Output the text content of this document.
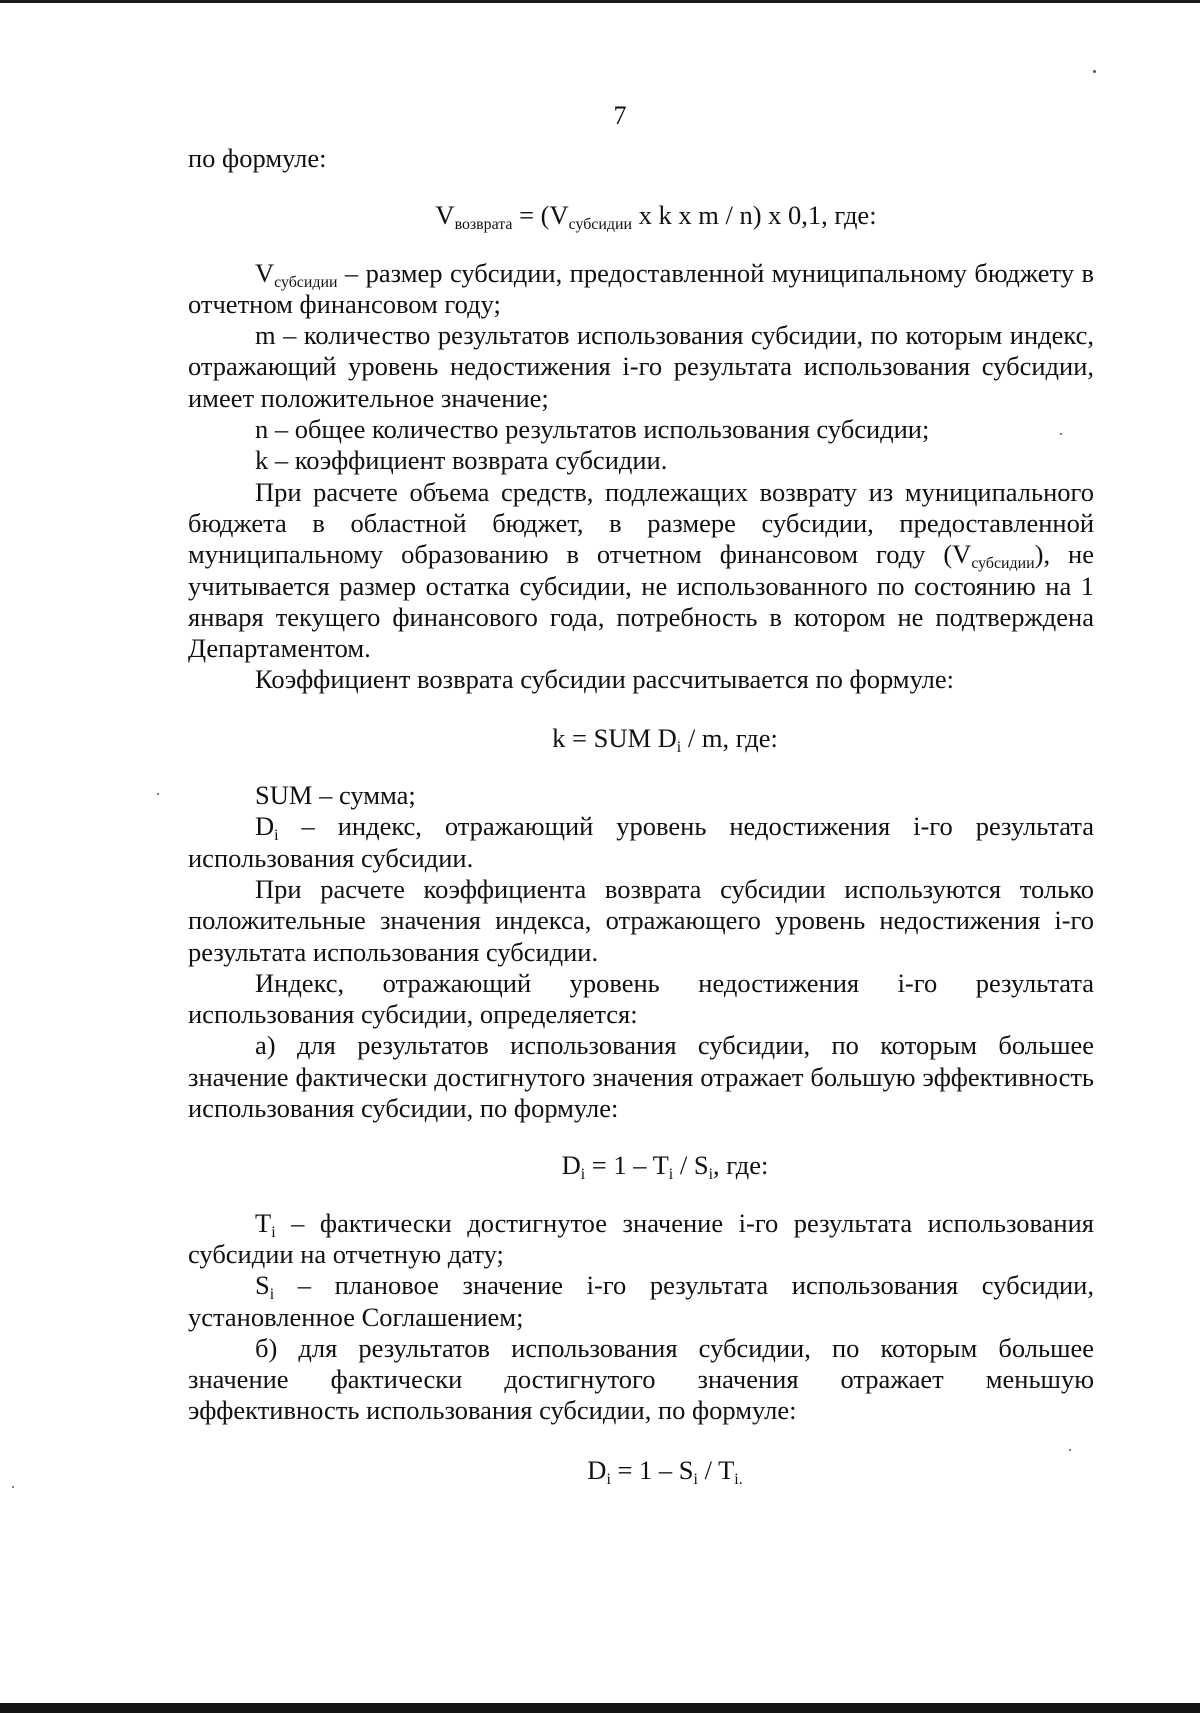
7

по формуле:

$V_{возврата} = (V_{субсидии}$ x k x m / n) x 0,1, где:

$V_{субсидии}$ – размер субсидии, предоставленной муниципальному бюджету в отчетном финансовом году;

m – количество результатов использования субсидии, по которым индекс, отражающий уровень недостижения i-го результата использования субсидии, имеет положительное значение;

n – общее количество результатов использования субсидии;

k – коэффициент возврата субсидии.

При расчете объема средств, подлежащих возврату из муниципального бюджета в областной бюджет, в размере субсидии, предоставленной муниципальному образованию в отчетном финансовом году $(V_{субсидии})$, не учитывается размер остатка субсидии, не использованного по состоянию на 1 января текущего финансового года, потребность в котором не подтверждена Департаментом.

Коэффициент возврата субсидии рассчитывается по формуле:

k = SUM $D_i$ / m, где:

SUM – сумма;

$D_i$ – индекс, отражающий уровень недостижения i-го результата использования субсидии.

При расчете коэффициента возврата субсидии используются только положительные значения индекса, отражающего уровень недостижения i-го результата использования субсидии.

Индекс, отражающий уровень недостижения i-го результата использования субсидии, определяется:

а) для результатов использования субсидии, по которым большее значение фактически достигнутого значения отражает большую эффективность использования субсидии, по формуле:

$D_i = 1 - T_i / S_i$, где:

$T_i$ – фактически достигнутое значение i-го результата использования субсидии на отчетную дату;

$S_i$ – плановое значение i-го результата использования субсидии, установленное Соглашением;

б) для результатов использования субсидии, по которым большее значение фактически достигнутого значения отражает меньшую эффективность использования субсидии, по формуле:

$D_i = 1 - S_i / T_{i.}$
